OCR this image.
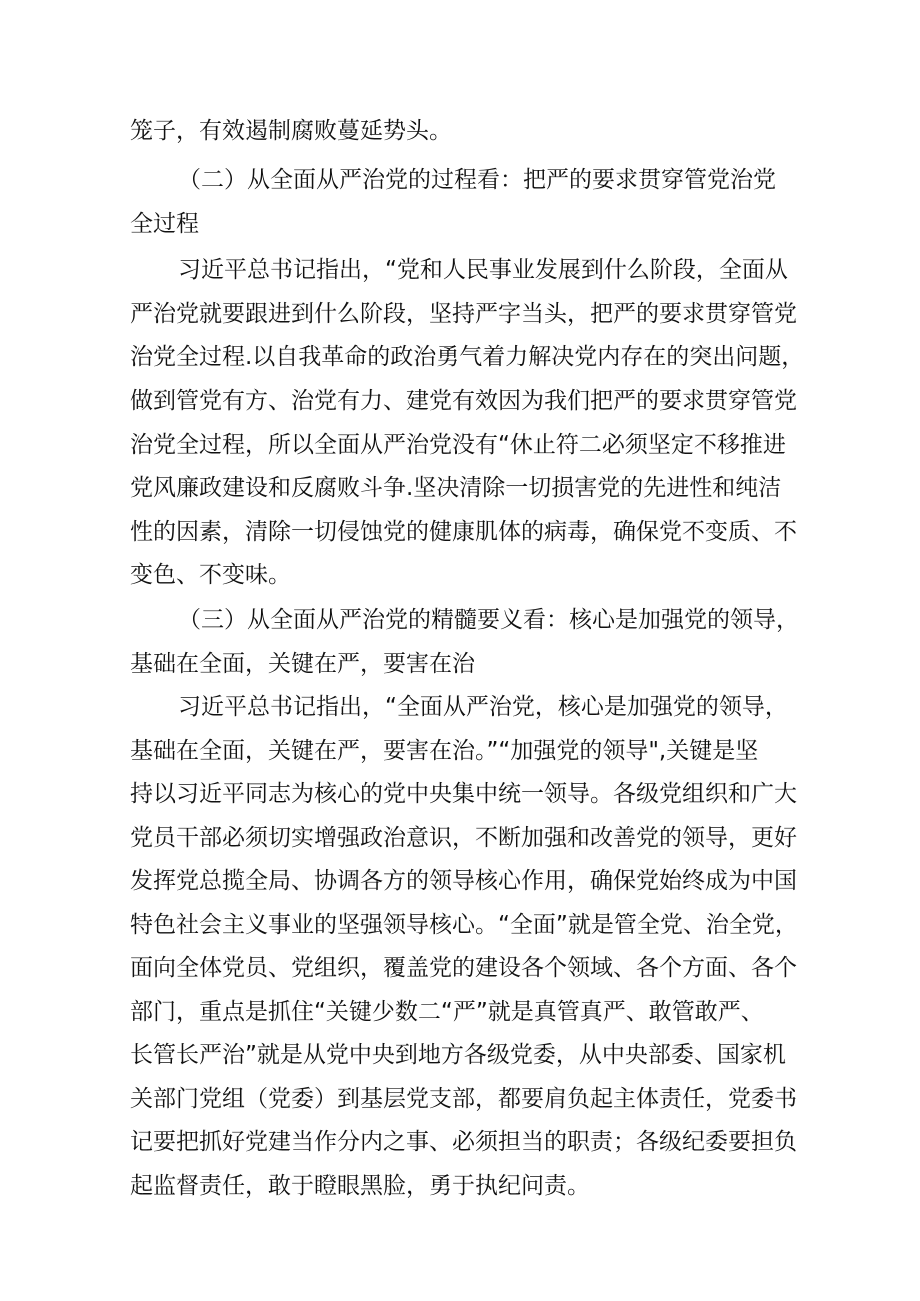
笼子，有效遏制腐败蔓延势头。

（二）从全面从严治党的过程看：把严的要求贯穿管党治党

全过程

习近平总书记指出，“党和人民事业发展到什么阶段，全面从

严治党就要跟进到什么阶段，坚持严字当头，把严的要求贯穿管党

治党全过程.以自我革命的政治勇气着力解决党内存在的突出问题，

做到管党有方、治党有力、建党有效因为我们把严的要求贯穿管党

治党全过程，所以全面从严治党没有“休止符二必须坚定不移推进

党风廉政建设和反腐败斗争.坚决清除一切损害党的先进性和纯洁

性的因素，清除一切侵蚀党的健康肌体的病毒，确保党不变质、不

变色、不变味。

（三）从全面从严治党的精髓要义看：核心是加强党的领导，

基础在全面，关键在严，要害在治

习近平总书记指出，“全面从严治党，核心是加强党的领导，

基础在全面，关键在严，要害在治。”“加强党的领导",关键是坚

持以习近平同志为核心的党中央集中统一领导。各级党组织和广大

党员干部必须切实增强政治意识，不断加强和改善党的领导，更好

发挥党总揽全局、协调各方的领导核心作用，确保党始终成为中国

特色社会主义事业的坚强领导核心。“全面”就是管全党、治全党，

面向全体党员、党组织，覆盖党的建设各个领域、各个方面、各个

部门，重点是抓住“关键少数二“严”就是真管真严、敢管敢严、

长管长严治”就是从党中央到地方各级党委，从中央部委、国家机

关部门党组（党委）到基层党支部，都要肩负起主体责任，党委书

记要把抓好党建当作分内之事、必须担当的职责；各级纪委要担负

起监督责任，敢于瞪眼黑脸，勇于执纪问责。
